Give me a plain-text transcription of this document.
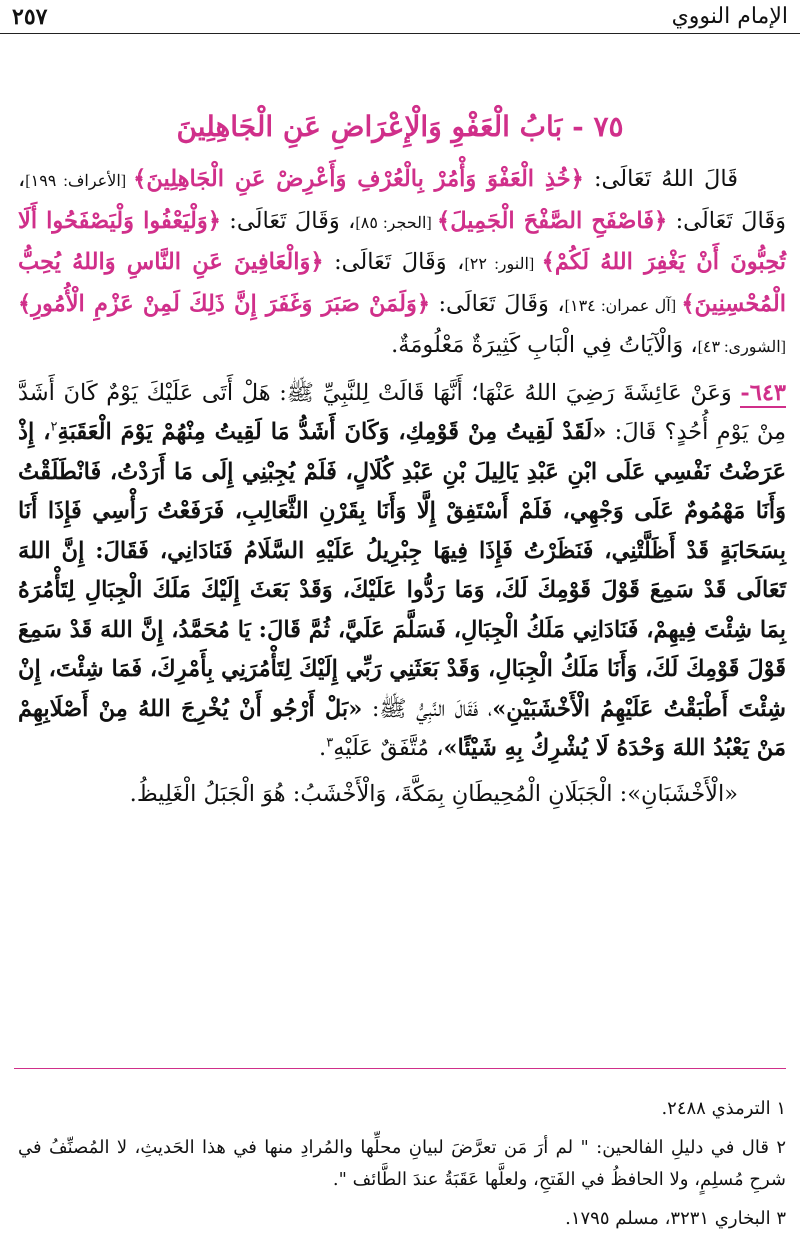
الإمام النووي
٢٥٧
٧٥ - بَابُ الْعَفْوِ وَالْإِعْرَاضِ عَنِ الْجَاهِلِينَ

قَالَ اللهُ تَعَالَى: ﴿خُذِ الْعَفْوَ وَأْمُرْ بِالْعُرْفِ وَأَعْرِضْ عَنِ الْجَاهِلِينَ﴾ [الأعراف: ١٩٩]، وَقَالَ تَعَالَى: ﴿فَاصْفَحِ الصَّفْحَ الْجَمِيلَ﴾ [الحجر: ٨٥]، وَقَالَ تَعَالَى: ﴿وَلْيَعْفُوا وَلْيَصْفَحُوا أَلَا تُحِبُّونَ أَنْ يَغْفِرَ اللهُ لَكُمْ﴾ [النور: ٢٢]، وَقَالَ تَعَالَى: ﴿وَالْعَافِينَ عَنِ النَّاسِ وَاللهُ يُحِبُّ الْمُحْسِنِينَ﴾ [آل عمران: ١٣٤]، وَقَالَ تَعَالَى: ﴿وَلَمَنْ صَبَرَ وَغَفَرَ إِنَّ ذَلِكَ لَمِنْ عَزْمِ الْأُمُورِ﴾ [الشورى: ٤٣]، وَالْآيَاتُ فِي الْبَابِ كَثِيرَةٌ مَعْلُومَةٌ.

٦٤٣- وَعَنْ عَائِشَةَ رَضِيَ اللهُ عَنْهَا؛ أَنَّهَا قَالَتْ لِلنَّبِيِّ ﷺ: هَلْ أَتَى عَلَيْكَ يَوْمٌ كَانَ أَشَدَّ مِنْ يَوْمِ أُحُدٍ؟ قَالَ: «لَقَدْ لَقِيتُ مِنْ قَوْمِكِ، وَكَانَ أَشَدُّ مَا لَقِيتُ مِنْهُمْ يَوْمَ الْعَقَبَةِ$^٢$، إِذْ عَرَضْتُ نَفْسِي عَلَى ابْنِ عَبْدِ يَالِيلَ بْنِ عَبْدِ كُلَالٍ، فَلَمْ يُجِبْنِي إِلَى مَا أَرَدْتُ، فَانْطَلَقْتُ وَأَنَا مَهْمُومٌ عَلَى وَجْهِي، فَلَمْ أَسْتَفِقْ إِلَّا وَأَنَا بِقَرْنِ الثَّعَالِبِ، فَرَفَعْتُ رَأْسِي فَإِذَا أَنَا بِسَحَابَةٍ قَدْ أَظَلَّتْنِي، فَنَظَرْتُ فَإِذَا فِيهَا جِبْرِيلُ عَلَيْهِ السَّلَامُ فَنَادَانِي، فَقَالَ: إِنَّ اللهَ تَعَالَى قَدْ سَمِعَ قَوْلَ قَوْمِكَ لَكَ، وَمَا رَدُّوا عَلَيْكَ، وَقَدْ بَعَثَ إِلَيْكَ مَلَكَ الْجِبَالِ لِتَأْمُرَهُ بِمَا شِئْتَ فِيهِمْ، فَنَادَانِي مَلَكُ الْجِبَالِ، فَسَلَّمَ عَلَيَّ، ثُمَّ قَالَ: يَا مُحَمَّدُ، إِنَّ اللهَ قَدْ سَمِعَ قَوْلَ قَوْمِكَ لَكَ، وَأَنَا مَلَكُ الْجِبَالِ، وَقَدْ بَعَثَنِي رَبِّي إِلَيْكَ لِتَأْمُرَنِي بِأَمْرِكَ، فَمَا شِئْتَ، إِنْ شِئْتَ أَطْبَقْتُ عَلَيْهِمُ الْأَخْشَبَيْنِ»، فَقَالَ النَّبِيُّ ﷺ: «بَلْ أَرْجُو أَنْ يُخْرِجَ اللهُ مِنْ أَصْلَابِهِمْ مَنْ يَعْبُدُ اللهَ وَحْدَهُ لَا يُشْرِكُ بِهِ شَيْئًا»، مُتَّفَقٌ عَلَيْهِ$^٣$.

«الْأَخْشَبَانِ»: الْجَبَلَانِ الْمُحِيطَانِ بِمَكَّةَ، وَالْأَخْشَبُ: هُوَ الْجَبَلُ الْغَلِيظُ.

١ الترمذي ٢٤٨٨.

٢ قال في دليلِ الفالحين: " لم أرَ مَن تعرَّضَ لبيانِ محلِّها والمُرادِ منها في هذا الحَديثِ، لا المُصنِّفُ في شرحِ مُسلِمٍ، ولا الحافظُ في الفَتحِ، ولعلَّها عَقَبَةُ عندَ الطَّائف ".

٣ البخاري ٣٢٣١، مسلم ١٧٩٥.
